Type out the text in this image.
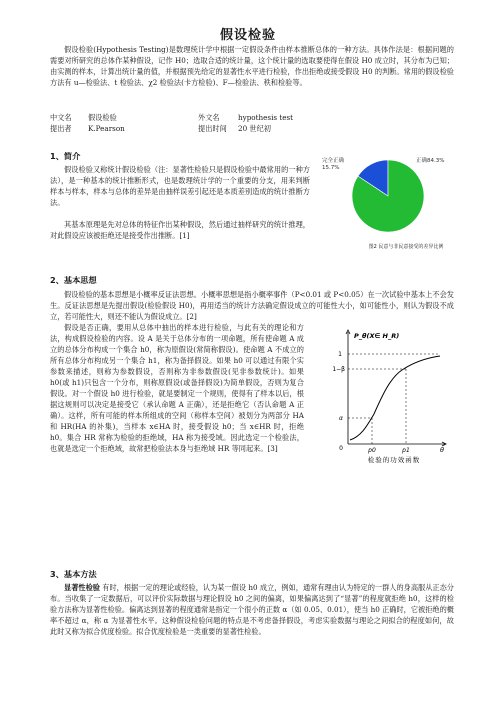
假设检验

假设检验(Hypothesis Testing)是数理统计学中根据一定假设条件由样本推断总体的一种方法。具体作法是：根据问题的需要对所研究的总体作某种假设，记作 H0；选取合适的统计量，这个统计量的选取要使得在假设 H0 成立时，其分布为已知；由实测的样本，计算出统计量的值，并根据预先给定的显著性水平进行检验，作出拒绝或接受假设 H0 的判断。常用的假设检验方法有 u—检验法、t 检验法、χ2 检验法(卡方检验)、F—检验法、秩和检验等。

中文名 假设检验	外文名	hypothesis test
提出者 K.Pearson	提出时间 20 世纪初
1、简介

假设检验又称统计假设检验（注：显著性检验只是假设检验中最常用的一种方法），是一种基本的统计推断形式，也是数理统计学的一个重要的分支，用来判断样本与样本，样本与总体的差异是由抽样误差引起还是本质差别造成的统计推断方法。

其基本原理是先对总体的特征作出某种假设，然后通过抽样研究的统计推理，对此假设应该被拒绝还是接受作出推断。[1]

完全正确
15.7%
正确84.3%
图2 民意与非民意接受的差异比例
2、基本思想

假设检验的基本思想是小概率反证法思想。小概率思想是指小概率事件（P<0.01 或 P<0.05）在一次试验中基本上不会发生。反证法思想是先提出假设(检验假设 H0)，再用适当的统计方法确定假设成立的可能性大小，如可能性小，则认为假设不成立，若可能性大，则还不能认为假设成立。[2]

假设是否正确，要用从总体中抽出的样本进行检验，与此有关的理论和方法，构成假设检验的内容。设 A 是关于总体分布的一项命题，所有使命题 A 成立的总体分布构成一个集合 h0，称为原假设(常简称假设)。使命题 A 不成立的所有总体分布构成另一个集合 h1，称为备择假设。如果 h0 可以通过有限个实参数来描述，则称为参数假设，否则称为非参数假设(见非参数统计)。如果 h0(或 h1)只包含一个分布，则称原假设(或备择假设)为简单假设，否则为复合假设。对一个假设 h0 进行检验，就是要制定一个规则，使得有了样本以后，根据这规则可以决定是接受它（承认命题 A 正确），还是拒绝它（否认命题 A 正确）。这样，所有可能的样本所组成的空间（称样本空间）被划分为两部分 HA 和 HR(HA 的补集)，当样本 x∈HA 时，接受假设 h0；当 x∈HR 时，拒绝 h0。集合 HR 常称为检验的拒绝域，HA 称为接受域。因此选定一个检验法，也就是选定一个拒绝域，故常把检验法本身与拒绝域 HR 等同起来。[3]

P_θ(X∈ H_R)
1
1−β
α
0	p0	p1	θ
检验的功效函数
3、基本方法

显著性检验 有时，根据一定的理论或经验，认为某一假设 h0 成立，例如，通常有理由认为特定的一群人的身高服从正态分布。当收集了一定数据后，可以评价实际数据与理论假设 h0 之间的偏离，如果偏离达到了“显著”的程度就拒绝 h0，这样的检验方法称为显著性检验。偏离达到显著的程度通常是指定一个很小的正数 α（如 0.05、0.01），使当 h0 正确时，它被拒绝的概率不超过 α，称 α 为显著性水平。这种假设检验问题的特点是不考虑备择假设，考虑实验数据与理论之间拟合的程度如何，故此时又称为拟合优度检验。拟合优度检验是一类重要的显著性检验。
